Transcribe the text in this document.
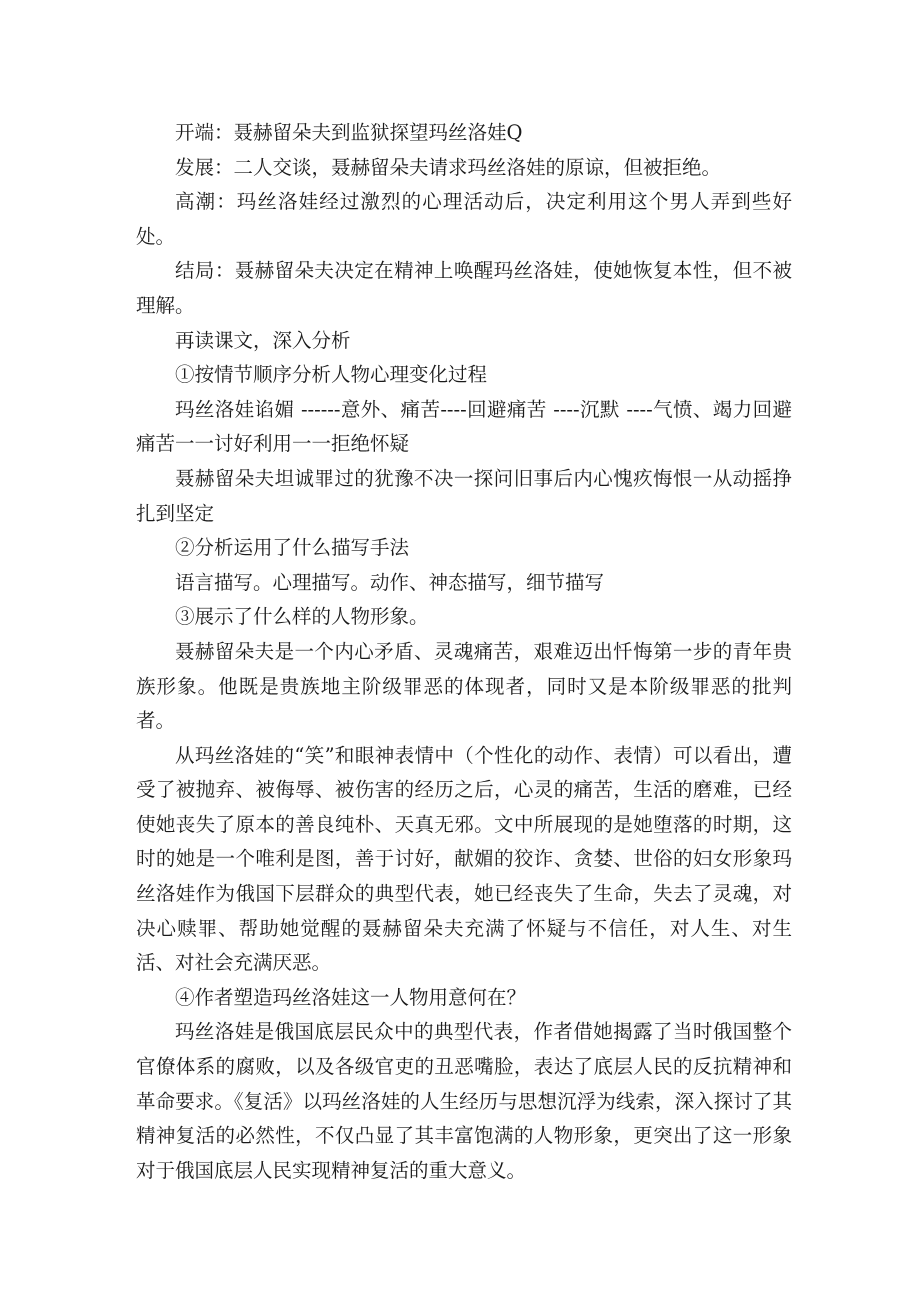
开端：聂赫留朵夫到监狱探望玛丝洛娃Q

发展：二人交谈，聂赫留朵夫请求玛丝洛娃的原谅，但被拒绝。

高潮：玛丝洛娃经过激烈的心理活动后，决定利用这个男人弄到些好处。

结局：聂赫留朵夫决定在精神上唤醒玛丝洛娃，使她恢复本性，但不被理解。

再读课文，深入分析

①按情节顺序分析人物心理变化过程

玛丝洛娃谄媚 ------意外、痛苦----回避痛苦 ----沉默 ----气愤、竭力回避痛苦一一讨好利用一一拒绝怀疑

聂赫留朵夫坦诚罪过的犹豫不决一探问旧事后内心愧疚悔恨一从动摇挣扎到坚定

②分析运用了什么描写手法

语言描写。心理描写。动作、神态描写，细节描写

③展示了什么样的人物形象。

聂赫留朵夫是一个内心矛盾、灵魂痛苦，艰难迈出忏悔第一步的青年贵族形象。他既是贵族地主阶级罪恶的体现者，同时又是本阶级罪恶的批判者。

从玛丝洛娃的“笑”和眼神表情中（个性化的动作、表情）可以看出，遭受了被抛弃、被侮辱、被伤害的经历之后，心灵的痛苦，生活的磨难，已经使她丧失了原本的善良纯朴、天真无邪。文中所展现的是她堕落的时期，这时的她是一个唯利是图，善于讨好，献媚的狡诈、贪婪、世俗的妇女形象玛丝洛娃作为俄国下层群众的典型代表，她已经丧失了生命，失去了灵魂，对决心赎罪、帮助她觉醒的聂赫留朵夫充满了怀疑与不信任，对人生、对生活、对社会充满厌恶。

④作者塑造玛丝洛娃这一人物用意何在？

玛丝洛娃是俄国底层民众中的典型代表，作者借她揭露了当时俄国整个官僚体系的腐败，以及各级官吏的丑恶嘴脸，表达了底层人民的反抗精神和革命要求。《复活》以玛丝洛娃的人生经历与思想沉浮为线索，深入探讨了其精神复活的必然性，不仅凸显了其丰富饱满的人物形象，更突出了这一形象对于俄国底层人民实现精神复活的重大意义。
